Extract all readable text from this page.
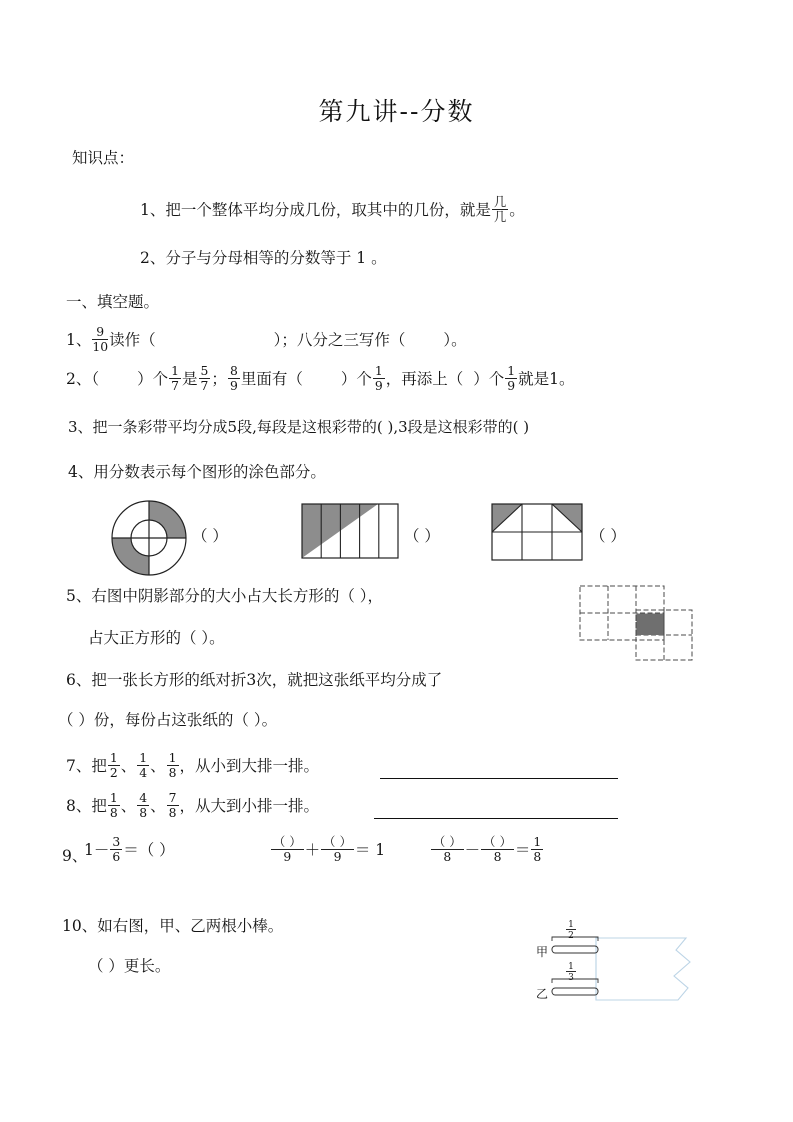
第九讲--分数
知识点：
1、把一个整体平均分成几份，取其中的几份，就是 $\frac{\text{几}}{\text{几}}$ 。
2、分子与分母相等的分数等于 1 。
一、填空题。
1、 $\frac{9}{10}$ 读作（	）；八分之三写作（ ）。
2、（ ）个 $\frac{1}{7}$ 是 $\frac{5}{7}$ ； $\frac{8}{9}$ 里面有（ ）个 $\frac{1}{9}$ ，再添上（ ）个 $\frac{1}{9}$ 就是1。
3、把一条彩带平均分成5段,每段是这根彩带的( ),3段是这根彩带的( )
4、用分数表示每个图形的涂色部分。
（ ）	（ ）	（ ）
5、右图中阴影部分的大小占大长方形的（ ），
占大正方形的（ ）。
6、把一张长方形的纸对折3次，就把这张纸平均分成了
（ ）份，每份占这张纸的（ ）。
7、把 $\frac{1}{2}$ 、 $\frac{1}{4}$ 、 $\frac{1}{8}$ ，从小到大排一排。
8、把 $\frac{1}{8}$ 、 $\frac{4}{8}$ 、 $\frac{7}{8}$ ，从大到小排一排。
9、
$1- \frac{3}{6}$ ＝（ ）	$\frac{( )}{9} + \frac{( )}{9} = 1$	$\frac{( )}{8} - \frac{( )}{8} = \frac{1}{8}$
10、如右图，甲、乙两根小棒。
（ ）更长。
甲
乙
1
2
1
3
